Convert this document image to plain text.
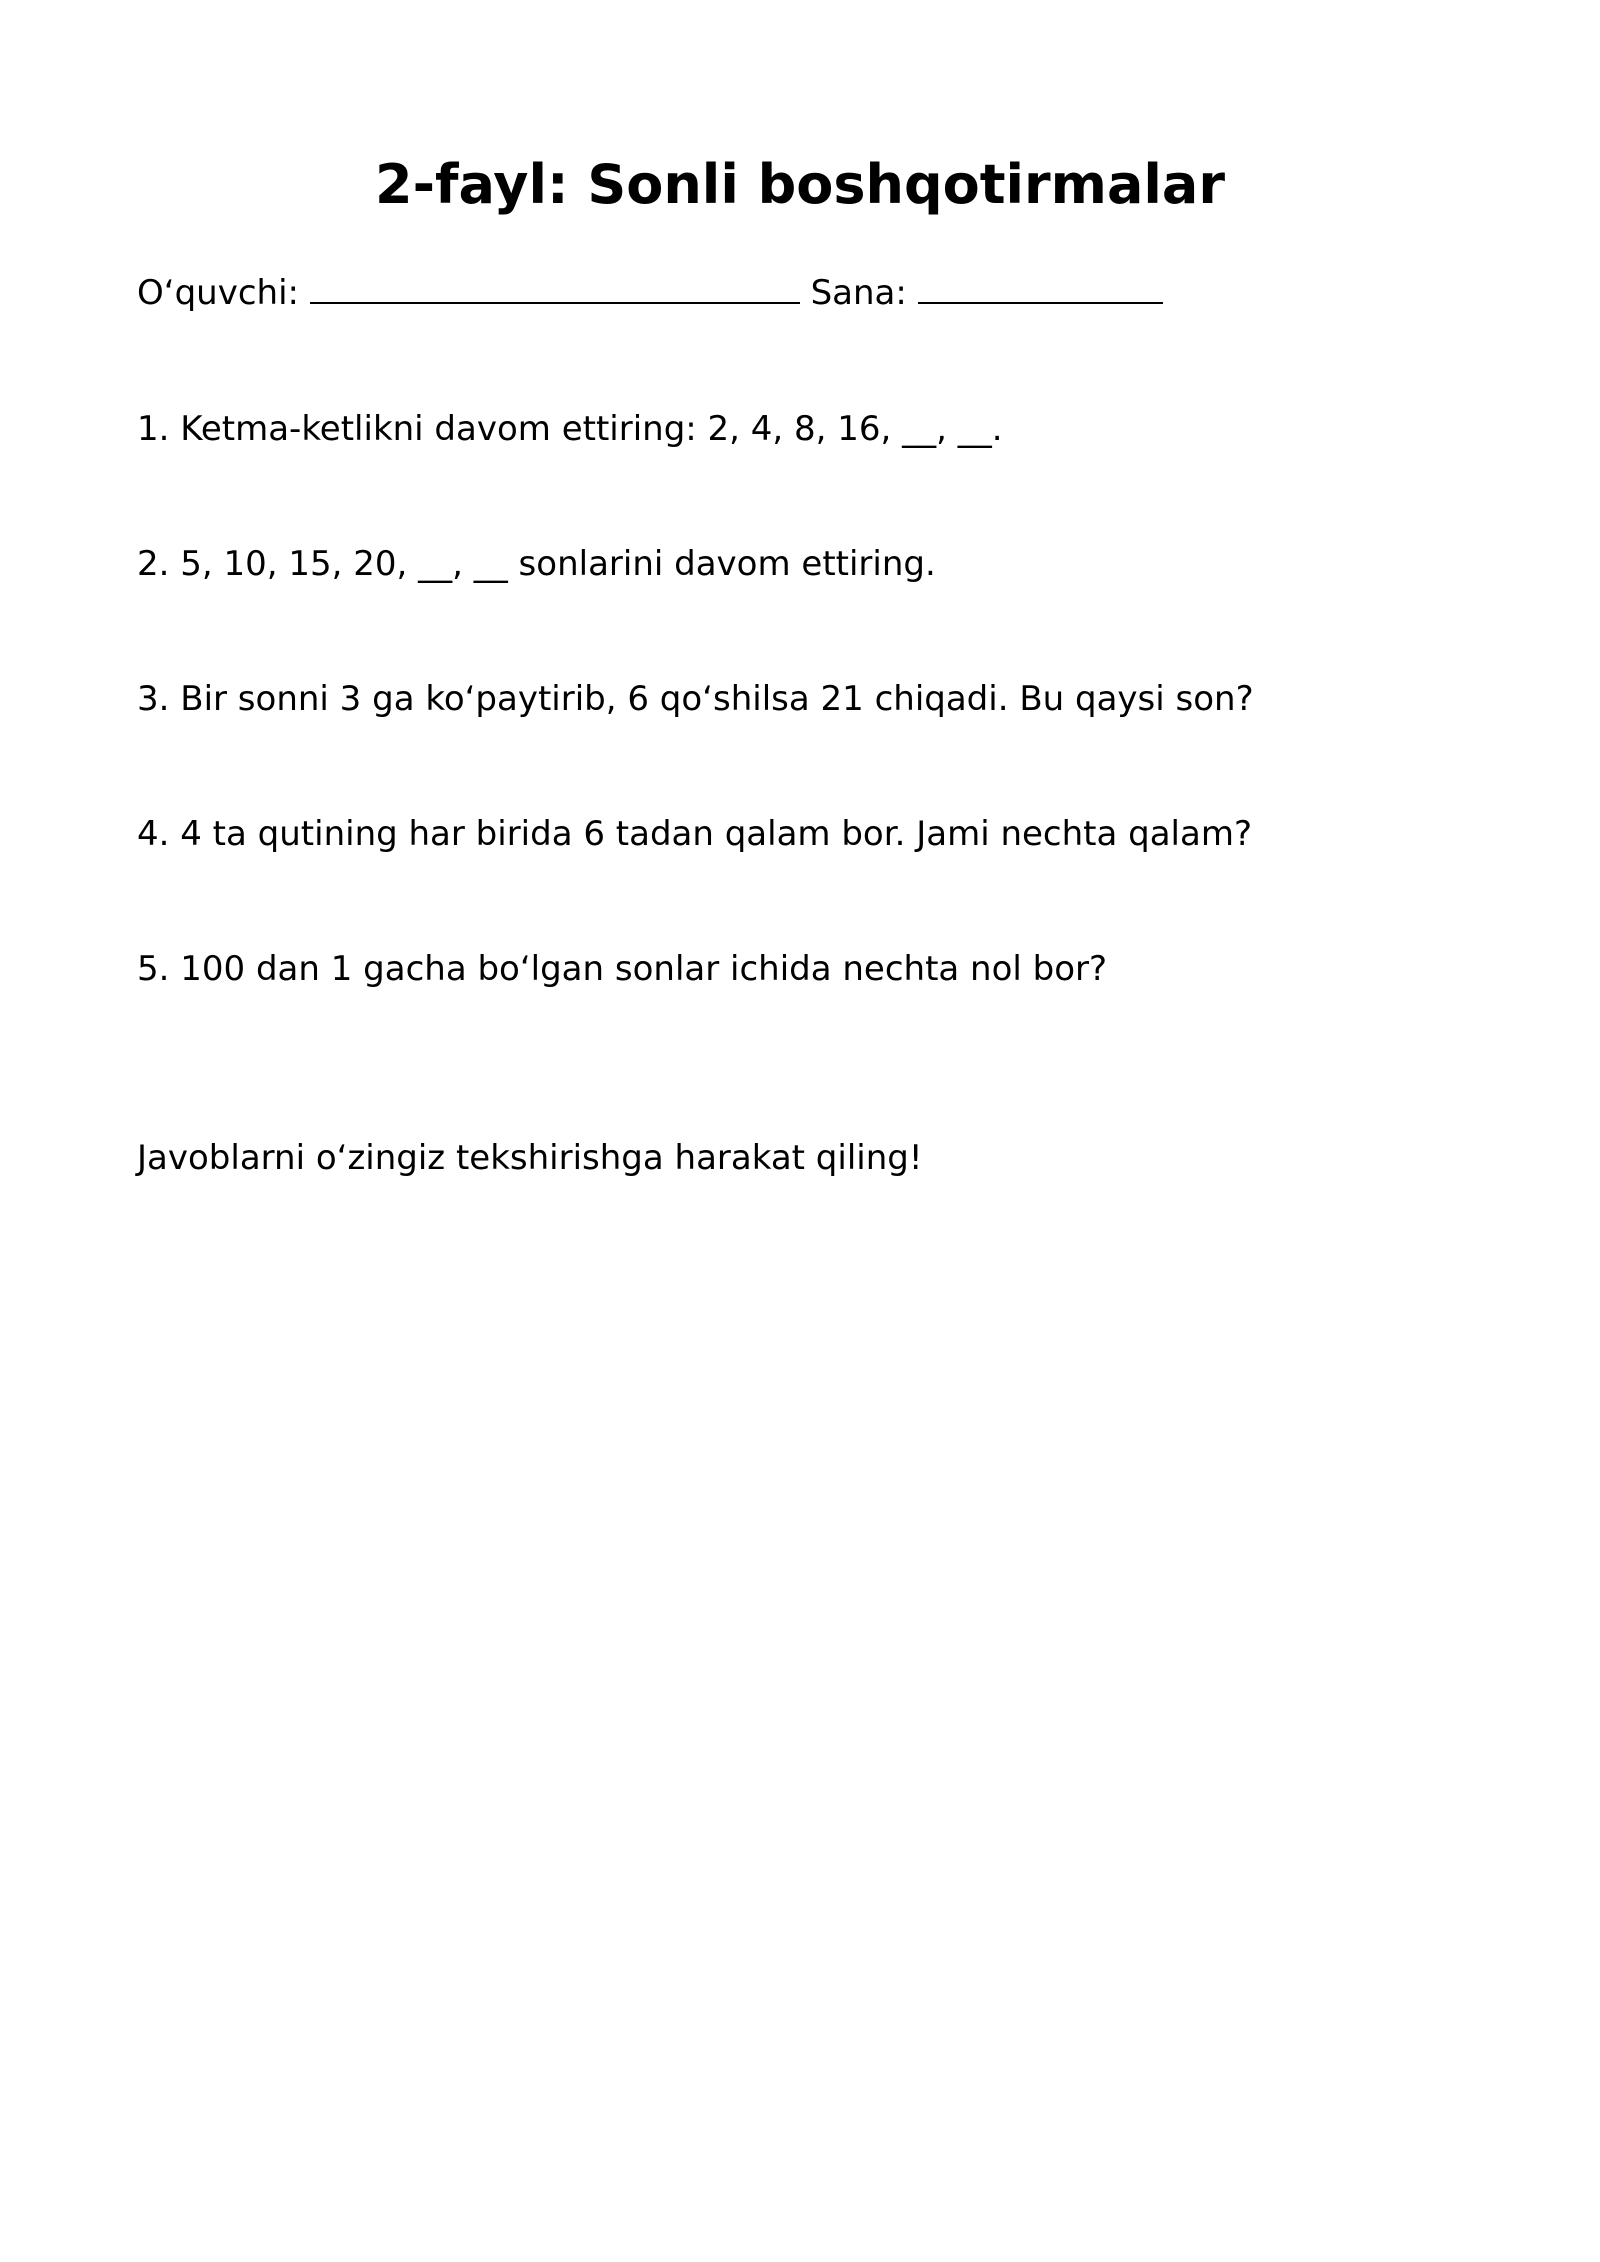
2-fayl: Sonli boshqotirmalar
O‘quvchi:	Sana:
1. Ketma-ketlikni davom ettiring: 2, 4, 8, 16, __, __.
2. 5, 10, 15, 20, __, __ sonlarini davom ettiring.
3. Bir sonni 3 ga ko‘paytirib, 6 qo‘shilsa 21 chiqadi. Bu qaysi son?
4. 4 ta qutining har birida 6 tadan qalam bor. Jami nechta qalam?
5. 100 dan 1 gacha bo‘lgan sonlar ichida nechta nol bor?
Javoblarni o‘zingiz tekshirishga harakat qiling!
